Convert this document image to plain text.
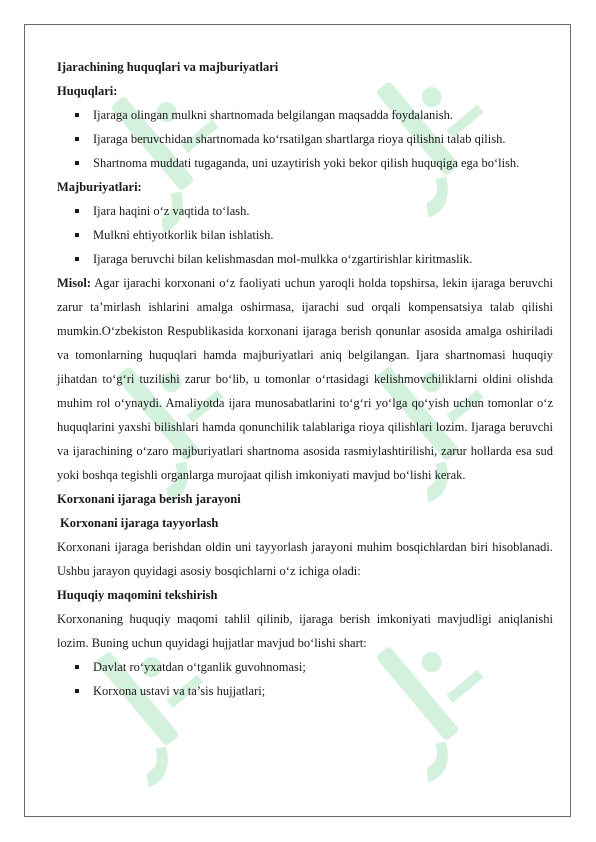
Ijarachining huquqlari va majburiyatlari

Huquqlari:

Ijaraga olingan mulkni shartnomada belgilangan maqsadda foydalanish.
Ijaraga beruvchidan shartnomada ko‘rsatilgan shartlarga rioya qilishni talab qilish.
Shartnoma muddati tugaganda, uni uzaytirish yoki bekor qilish huquqiga ega bo‘lish.

Majburiyatlari:

Ijara haqini o‘z vaqtida to‘lash.
Mulkni ehtiyotkorlik bilan ishlatish.
Ijaraga beruvchi bilan kelishmasdan mol-mulkka o‘zgartirishlar kiritmaslik.

Misol: Agar ijarachi korxonani o‘z faoliyati uchun yaroqli holda topshirsa, lekin ijaraga beruvchi zarur ta’mirlash ishlarini amalga oshirmasa, ijarachi sud orqali kompensatsiya talab qilishi mumkin.O‘zbekiston Respublikasida korxonani ijaraga berish qonunlar asosida amalga oshiriladi va tomonlarning huquqlari hamda majburiyatlari aniq belgilangan. Ijara shartnomasi huquqiy jihatdan to‘g‘ri tuzilishi zarur bo‘lib, u tomonlar o‘rtasidagi kelishmovchiliklarni oldini olishda muhim rol o‘ynaydi. Amaliyotda ijara munosabatlarini to‘g‘ri yo‘lga qo‘yish uchun tomonlar o‘z huquqlarini yaxshi bilishlari hamda qonunchilik talablariga rioya qilishlari lozim. Ijaraga beruvchi va ijarachining o‘zaro majburiyatlari shartnoma asosida rasmiylashtirilishi, zarur hollarda esa sud yoki boshqa tegishli organlarga murojaat qilish imkoniyati mavjud bo‘lishi kerak.

Korxonani ijaraga berish jarayoni

Korxonani ijaraga tayyorlash

Korxonani ijaraga berishdan oldin uni tayyorlash jarayoni muhim bosqichlardan biri hisoblanadi. Ushbu jarayon quyidagi asosiy bosqichlarni o‘z ichiga oladi:

Huquqiy maqomini tekshirish

Korxonaning huquqiy maqomi tahlil qilinib, ijaraga berish imkoniyati mavjudligi aniqlanishi lozim. Buning uchun quyidagi hujjatlar mavjud bo‘lishi shart:

Davlat ro‘yxatdan o‘tganlik guvohnomasi;
Korxona ustavi va ta’sis hujjatlari;
